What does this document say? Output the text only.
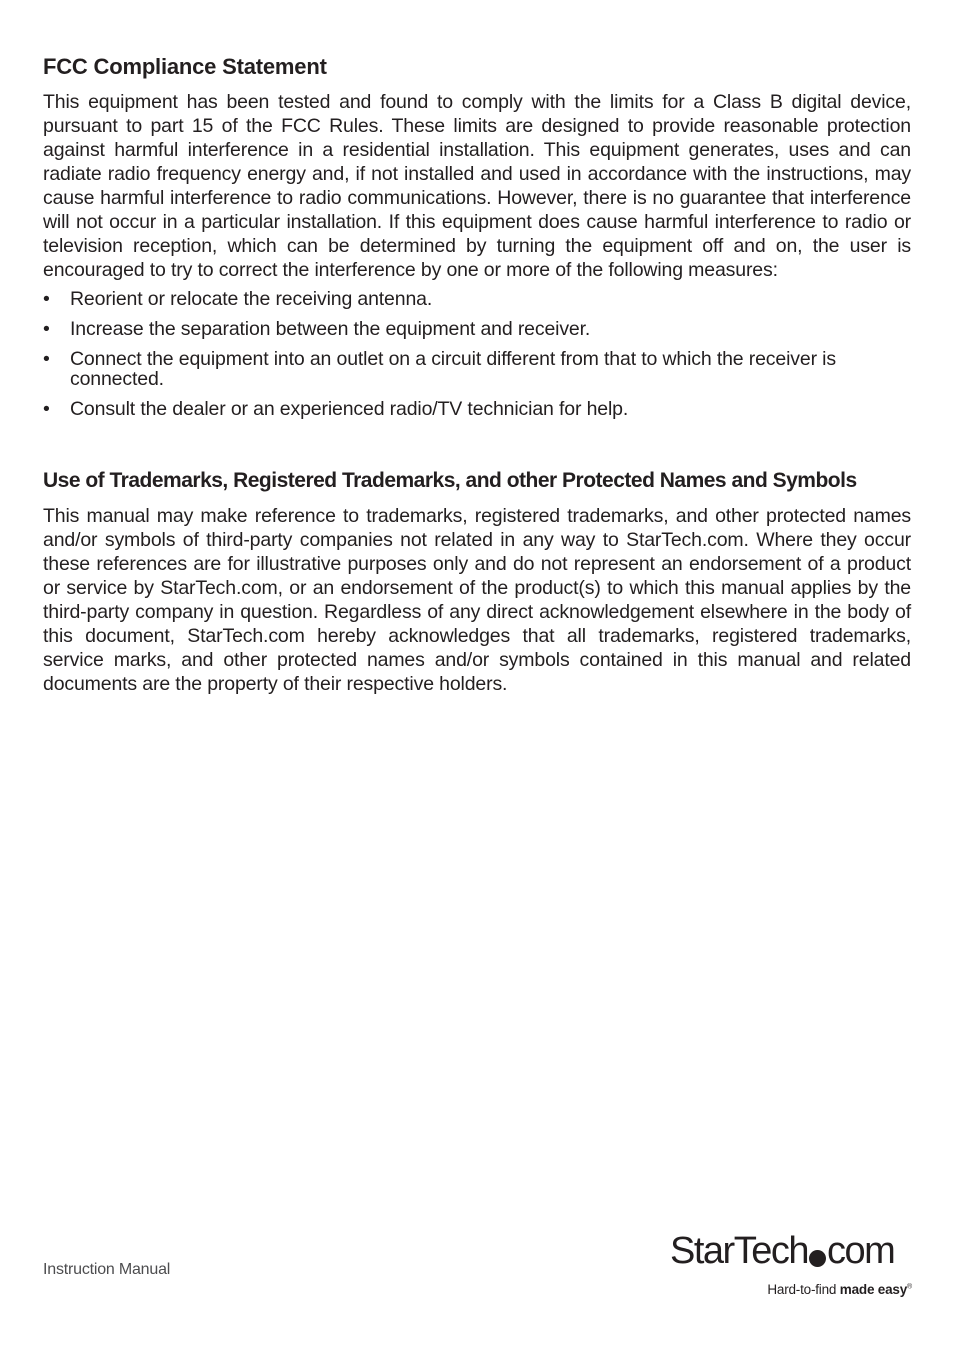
FCC Compliance Statement

This equipment has been tested and found to comply with the limits for a Class B digital device, pursuant to part 15 of the FCC Rules. These limits are designed to provide reasonable protection against harmful interference in a residential installation. This equipment generates, uses and can radiate radio frequency energy and, if not installed and used in accordance with the instructions, may cause harmful interference to radio communications. However, there is no guarantee that interference will not occur in a particular installation. If this equipment does cause harmful interference to radio or television reception, which can be determined by turning the equipment off and on, the user is encouraged to try to correct the interference by one or more of the following measures:

• Reorient or relocate the receiving antenna.
• Increase the separation between the equipment and receiver.
• Connect the equipment into an outlet on a circuit different from that to which the receiver is connected.
• Consult the dealer or an experienced radio/TV technician for help.
Use of Trademarks, Registered Trademarks, and other Protected Names and Symbols

This manual may make reference to trademarks, registered trademarks, and other protected names and/or symbols of third-party companies not related in any way to StarTech.com. Where they occur these references are for illustrative purposes only and do not represent an endorsement of a product or service by StarTech.com, or an endorsement of the product(s) to which this manual applies by the third-party company in question. Regardless of any direct acknowledgement elsewhere in the body of this document, StarTech.com hereby acknowledges that all trademarks, registered trademarks, service marks, and other protected names and/or symbols contained in this manual and related documents are the property of their respective holders.

Instruction Manual	StarTech com
Hard-to-find made easy®
